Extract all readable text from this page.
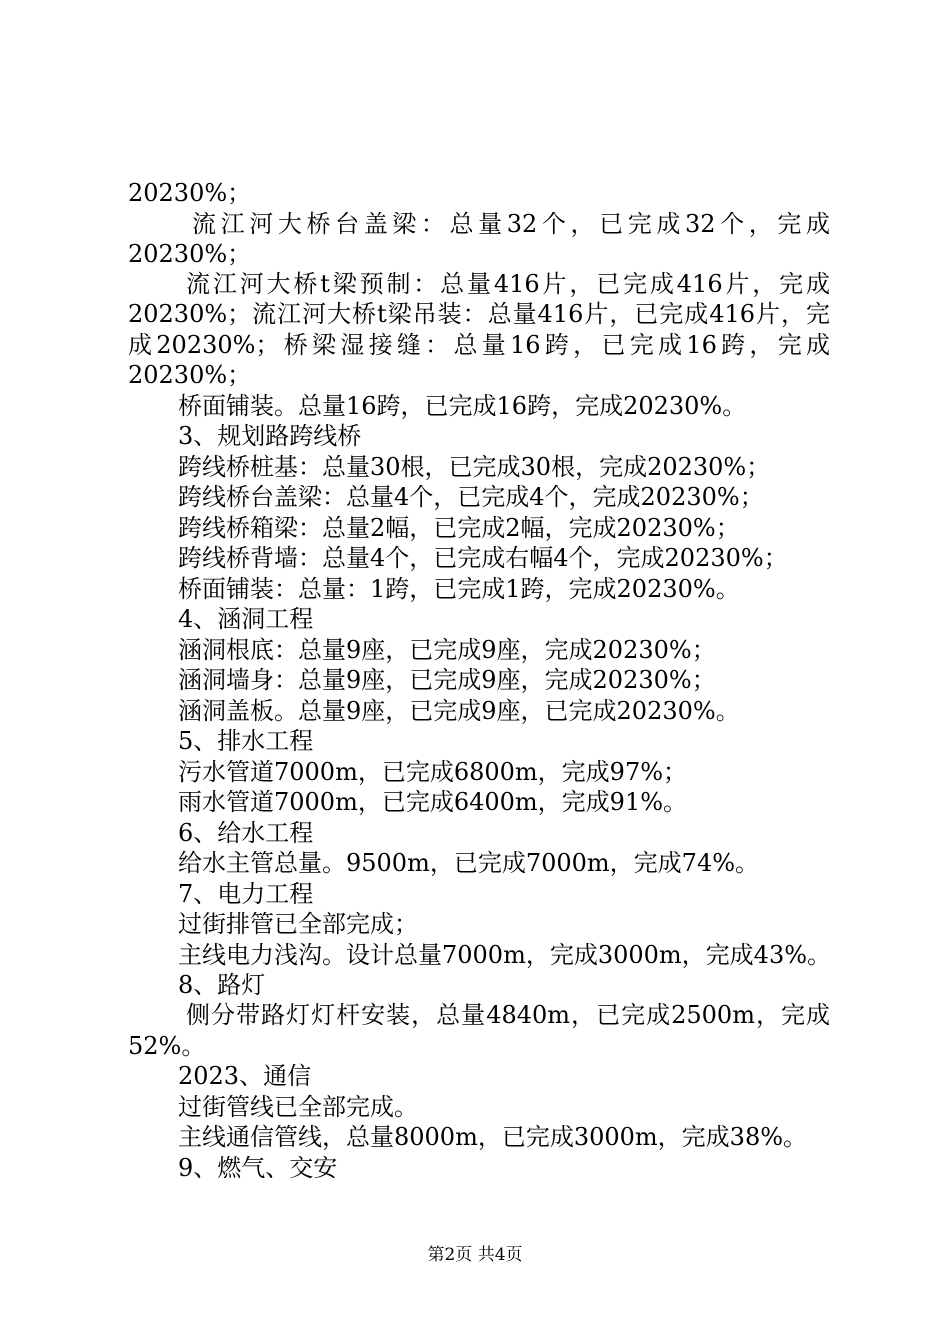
20230%；
流江河大桥台盖梁：总量32个，已完成32个，完成
20230%；
流江河大桥t梁预制：总量416片，已完成416片，完成
20230%；流江河大桥t梁吊装：总量416片，已完成416片，完
成20230%；桥梁湿接缝：总量16跨，已完成16跨，完成
20230%；
桥面铺装。总量16跨，已完成16跨，完成20230%。
3、规划路跨线桥
跨线桥桩基：总量30根，已完成30根，完成20230%；
跨线桥台盖梁：总量4个，已完成4个，完成20230%；
跨线桥箱梁：总量2幅，已完成2幅，完成20230%；
跨线桥背墙：总量4个，已完成右幅4个，完成20230%；
桥面铺装：总量：1跨，已完成1跨，完成20230%。
4、涵洞工程
涵洞根底：总量9座，已完成9座，完成20230%；
涵洞墙身：总量9座，已完成9座，完成20230%；
涵洞盖板。总量9座，已完成9座，已完成20230%。
5、排水工程
污水管道7000m，已完成6800m，完成97%；
雨水管道7000m，已完成6400m，完成91%。
6、给水工程
给水主管总量。9500m，已完成7000m，完成74%。
7、电力工程
过街排管已全部完成；
主线电力浅沟。设计总量7000m，完成3000m，完成43%。
8、路灯
侧分带路灯灯杆安装，总量4840m，已完成2500m，完成
52%。
2023、通信
过街管线已全部完成。
主线通信管线，总量8000m，已完成3000m，完成38%。
9、燃气、交安
第2页 共4页
